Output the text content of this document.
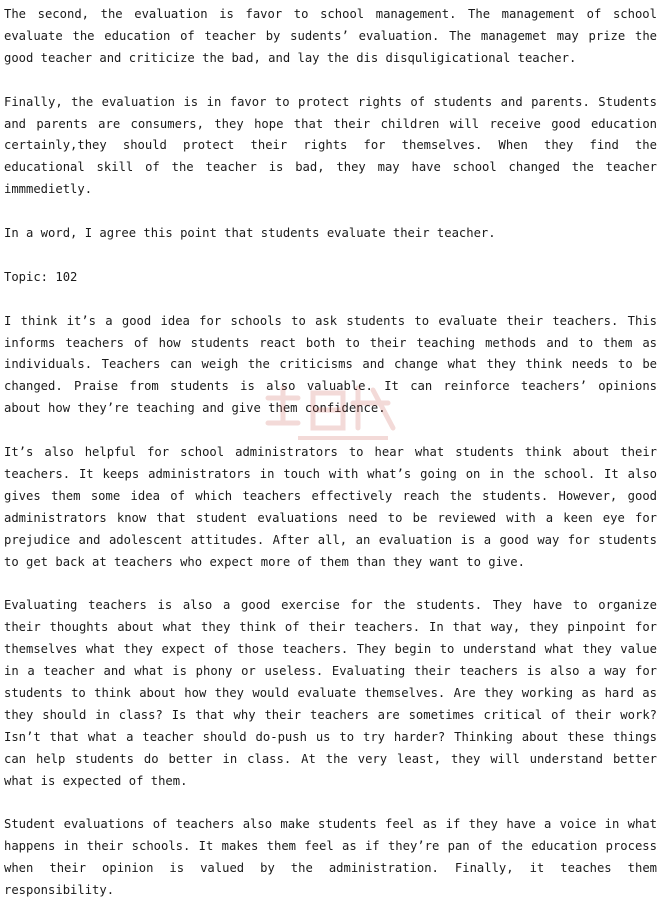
The second, the evaluation is favor to school management. The management of school evaluate the education of teacher by sudents’ evaluation. The managemet may prize the good teacher and criticize the bad, and lay the dis disquligicational teacher.

Finally, the evaluation is in favor to protect rights of students and parents. Students and parents are consumers, they hope that their children will receive good education certainly,they should protect their rights for themselves. When they find the educational skill of the teacher is bad, they may have school changed the teacher immmedietly.

In a word, I agree this point that students evaluate their teacher.

Topic: 102

I think it’s a good idea for schools to ask students to evaluate their teachers. This informs teachers of how students react both to their teaching methods and to them as individuals. Teachers can weigh the criticisms and change what they think needs to be changed. Praise from students is also valuable. It can reinforce teachers’ opinions about how they’re teaching and give them confidence.

It’s also helpful for school administrators to hear what students think about their teachers. It keeps administrators in touch with what’s going on in the school. It also gives them some idea of which teachers effectively reach the students. However, good administrators know that student evaluations need to be reviewed with a keen eye for prejudice and adolescent attitudes. After all, an evaluation is a good way for students to get back at teachers who expect more of them than they want to give.

Evaluating teachers is also a good exercise for the students. They have to organize their thoughts about what they think of their teachers. In that way, they pinpoint for themselves what they expect of those teachers. They begin to understand what they value in a teacher and what is phony or useless. Evaluating their teachers is also a way for students to think about how they would evaluate themselves. Are they working as hard as they should in class? Is that why their teachers are sometimes critical of their work? Isn’t that what a teacher should do-push us to try harder? Thinking about these things can help students do better in class. At the very least, they will understand better what is expected of them.

Student evaluations of teachers also make students feel as if they have a voice in what happens in their schools. It makes them feel as if they’re pan of the education process when their opinion is valued by the administration. Finally, it teaches them responsibility.
